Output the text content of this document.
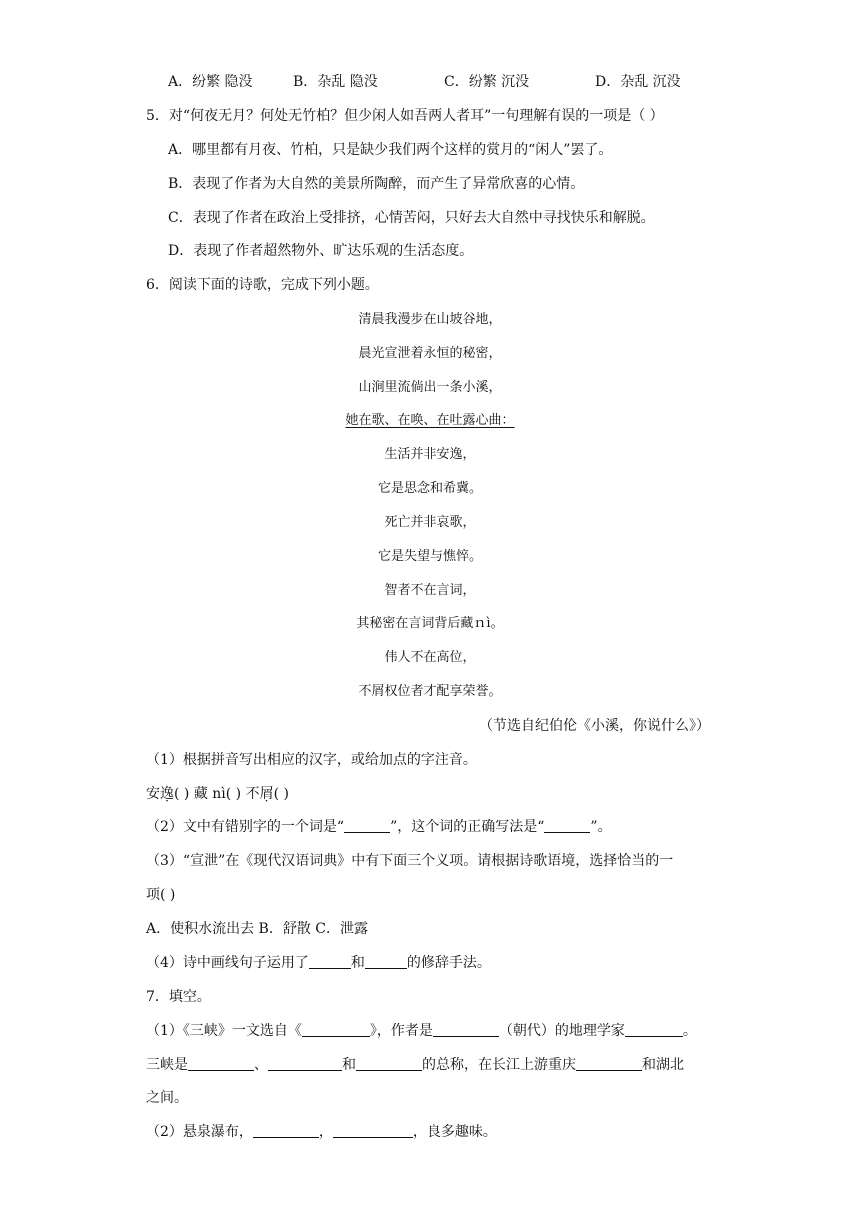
A．纷繁 隐没	B．杂乱 隐没	C．纷繁 沉没	D．杂乱 沉没
5．对“何夜无月？何处无竹柏？但少闲人如吾两人者耳”一句理解有误的一项是（ ）
A．哪里都有月夜、竹柏，只是缺少我们两个这样的赏月的“闲人”罢了。
B．表现了作者为大自然的美景所陶醉，而产生了异常欣喜的心情。
C．表现了作者在政治上受排挤，心情苦闷，只好去大自然中寻找快乐和解脱。
D．表现了作者超然物外、旷达乐观的生活态度。
6．阅读下面的诗歌，完成下列小题。
清晨我漫步在山坡谷地，
晨光宣泄着永恒的秘密，
山涧里流倘出一条小溪，
她在歌、在唤、在吐露心曲：
生活并非安逸，
它是思念和希冀。
死亡并非哀歌，
它是失望与憔悴。
智者不在言词，
其秘密在言词背后藏ｎì。
伟人不在高位，
不屑权位者才配享荣誉。
（节选自纪伯伦《小溪，你说什么》）
（1）根据拼音写出相应的汉字，或给加点的字注音。
安逸( ) 藏 nì( ) 不屑( )
（2）文中有错别字的一个词是“	”，这个词的正确写法是“	”。
（3）“宣泄”在《现代汉语词典》中有下面三个义项。请根据诗歌语境，选择恰当的一
项( )
A．使积水流出去 B．舒散 C．泄露
（4）诗中画线句子运用了	和	的修辞手法。
7．填空。
（1）《三峡》一文选自《	》，作者是	（朝代）的地理学家	。
三峡是	、	和	的总称，在长江上游重庆	和湖北
之间。
（2）悬泉瀑布，	，	，良多趣味。
